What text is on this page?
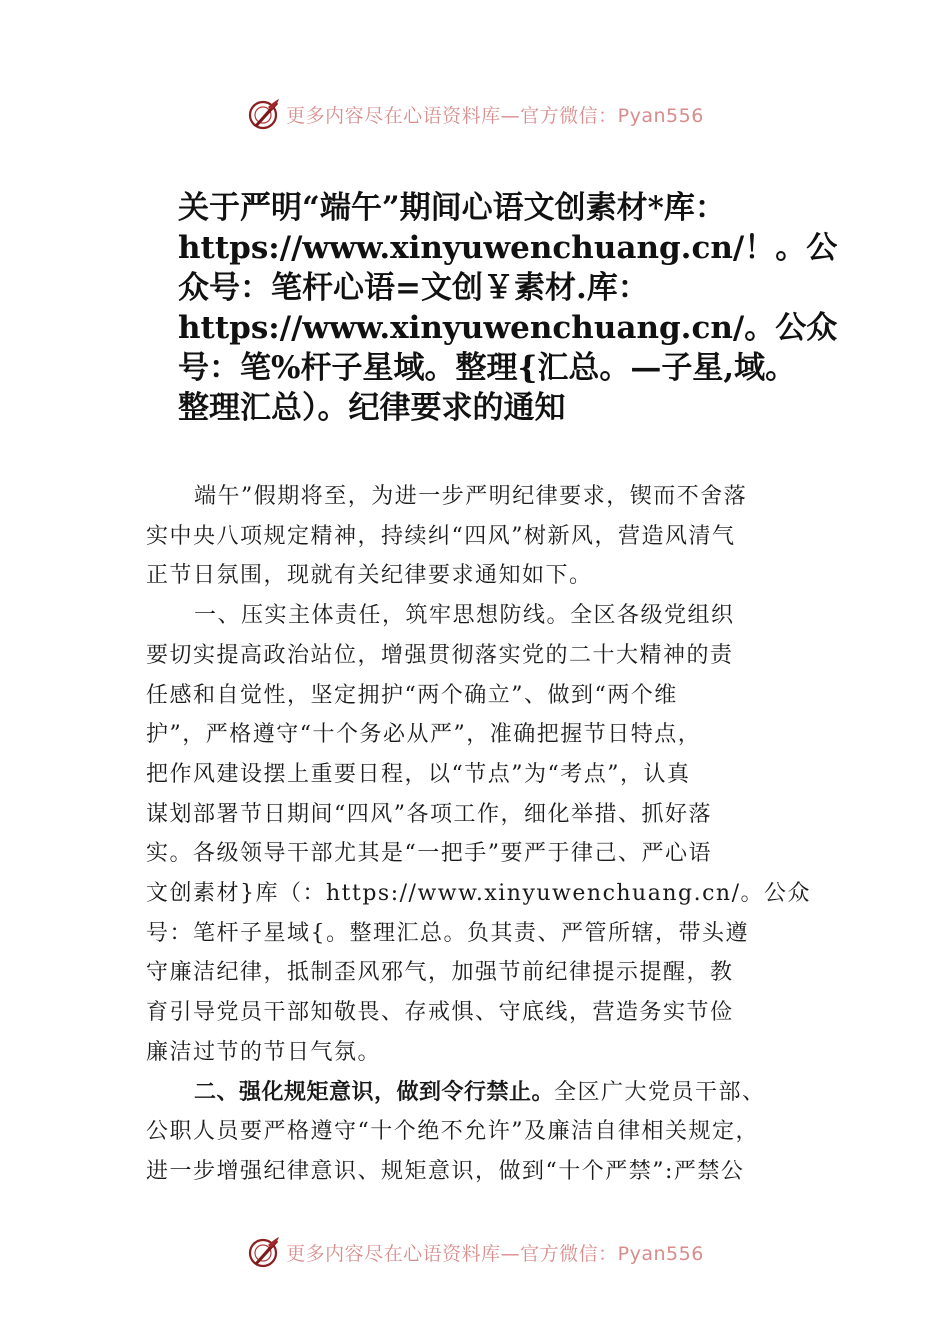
更多内容尽在心语资料库—官方微信：Pyan556
关于严明“端午”期间心语文创素材*库：
https://www.xinyuwenchuang.cn/！。公
众号：笔杆心语=文创￥素材.库：
https://www.xinyuwenchuang.cn/。公众
号：笔%杆子星域。整理{汇总。—子星,域。
整理汇总）。纪律要求的通知

端午”假期将至，为进一步严明纪律要求，锲而不舍落
实中央八项规定精神，持续纠“四风”树新风，营造风清气
正节日氛围，现就有关纪律要求通知如下。

一、压实主体责任，筑牢思想防线。全区各级党组织
要切实提高政治站位，增强贯彻落实党的二十大精神的责
任感和自觉性，坚定拥护“两个确立”、做到“两个维
护”，严格遵守“十个务必从严”，准确把握节日特点，
把作风建设摆上重要日程，以“节点”为“考点”，认真
谋划部署节日期间“四风”各项工作，细化举措、抓好落
实。各级领导干部尤其是“一把手”要严于律己、严心语
文创素材}库（：https://www.xinyuwenchuang.cn/。公众
号：笔杆子星域{。整理汇总。负其责、严管所辖，带头遵
守廉洁纪律，抵制歪风邪气，加强节前纪律提示提醒，教
育引导党员干部知敬畏、存戒惧、守底线，营造务实节俭
廉洁过节的节日气氛。

二、强化规矩意识，做到令行禁止。全区广大党员干部、
公职人员要严格遵守“十个绝不允许”及廉洁自律相关规定，
进一步增强纪律意识、规矩意识，做到“十个严禁”:严禁公

更多内容尽在心语资料库—官方微信：Pyan556
